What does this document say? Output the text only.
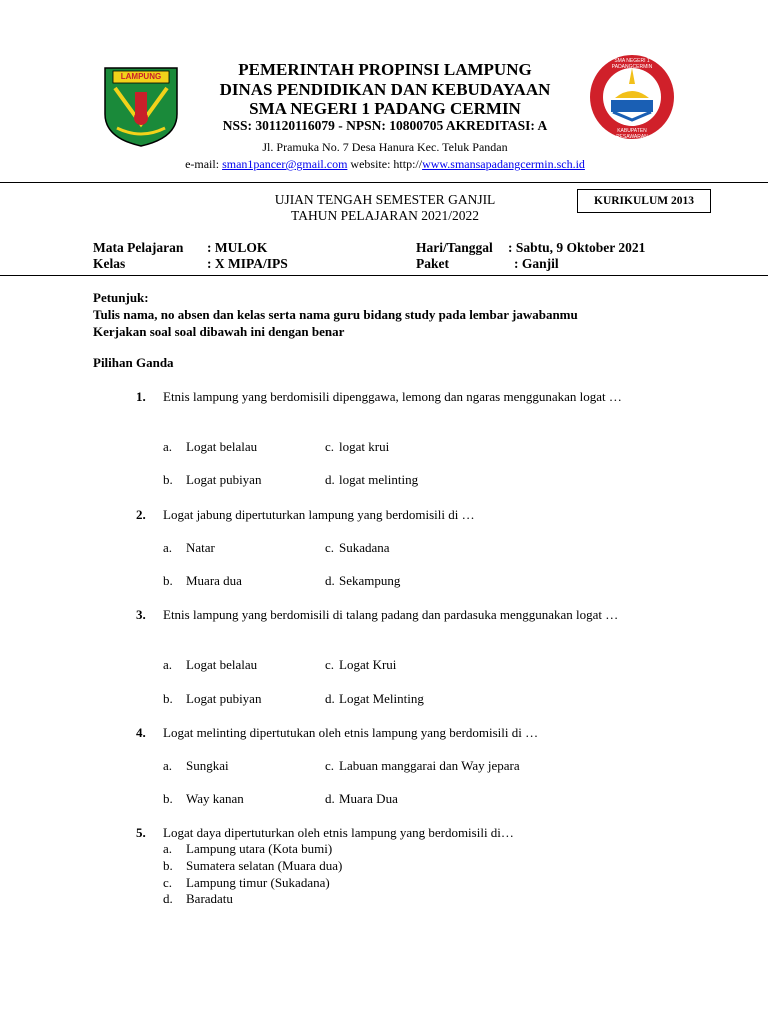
LAMPUNG
SMA NEGERI 1 PADANGCERMIN
KABUPATEN PESAWARAN
PEMERINTAH PROPINSI LAMPUNG
DINAS PENDIDIKAN DAN KEBUDAYAAN
SMA NEGERI 1 PADANG CERMIN
NSS: 301120116079 - NPSN: 10800705 AKREDITASI: A
Jl. Pramuka No. 7 Desa Hanura Kec. Teluk Pandan
e-mail: sman1pancer@gmail.com website: http://www.smansapadangcermin.sch.id
UJIAN TENGAH SEMESTER GANJIL
TAHUN PELAJARAN 2021/2022
KURIKULUM 2013
Mata Pelajaran : MULOK	Hari/Tanggal : Sabtu, 9 Oktober 2021
Kelas	: X MIPA/IPS	Paket	: Ganjil
Petunjuk:
Tulis nama, no absen dan kelas serta nama guru bidang study pada lembar jawabanmu
Kerjakan soal soal dibawah ini dengan benar
Pilihan Ganda
1. Etnis lampung yang berdomisili dipenggawa, lemong dan ngaras menggunakan logat …
a. Logat belalau	c. logat krui
b. Logat pubiyan	d. logat melinting
2. Logat jabung dipertuturkan lampung yang berdomisili di …
a. Natar	c. Sukadana
b. Muara dua	d. Sekampung
3. Etnis lampung yang berdomisili di talang padang dan pardasuka menggunakan logat …
a. Logat belalau	c. Logat Krui
b. Logat pubiyan	d. Logat Melinting
4. Logat melinting dipertutukan oleh etnis lampung yang berdomisili di …
a. Sungkai	c. Labuan manggarai dan Way jepara
b. Way kanan	d. Muara Dua
5. Logat daya dipertuturkan oleh etnis lampung yang berdomisili di…
a. Lampung utara (Kota bumi)
b. Sumatera selatan (Muara dua)
c. Lampung timur (Sukadana)
d. Baradatu
